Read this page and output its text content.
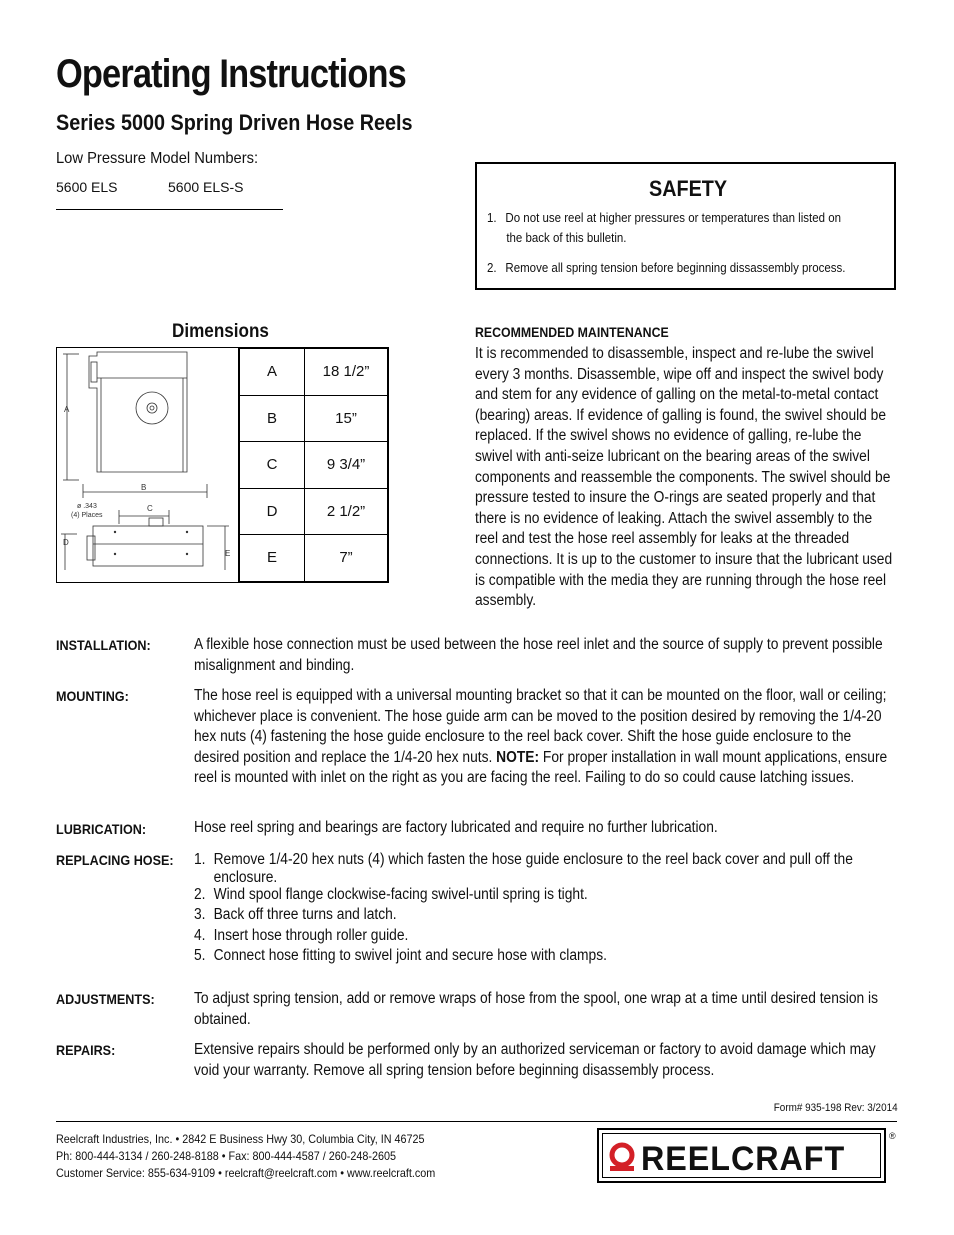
Operating Instructions
Series 5000 Spring Driven Hose Reels
Low Pressure Model Numbers:
5600 ELS	5600 ELS-S	SAFETY
1. Do not use reel at higher pressures or temperatures than listed on
the back of this bulletin.
2. Remove all spring tension before beginning dissassembly process.
Dimensions
A
B
C
D
E
ø .343
(4) Places
A	18 1/2”
B	15”
C	9 3/4”
D	2 1/2”
E	7”
RECOMMENDED MAINTENANCE
It is recommended to disassemble, inspect and re-lube the swivel every 3 months. Disassemble, wipe off and inspect the swivel body and stem for any evidence of galling on the metal-to-metal contact (bearing) areas. If evidence of galling is found, the swivel should be replaced. If the swivel shows no evidence of galling, re-lube the swivel with anti-seize lubricant on the bearing areas of the swivel components and reassemble the components. The swivel should be pressure tested to insure the O-rings are seated properly and that there is no evidence of leaking. Attach the swivel assembly to the reel and test the hose reel assembly for leaks at the threaded connections. It is up to the customer to insure that the lubricant used is compatible with the media they are running through the hose reel assembly.
INSTALLATION:	A flexible hose connection must be used between the hose reel inlet and the source of supply to prevent possible misalignment and binding.
MOUNTING:	The hose reel is equipped with a universal mounting bracket so that it can be mounted on the floor, wall or ceiling; whichever place is convenient. The hose guide arm can be moved to the position desired by removing the 1/4-20 hex nuts (4) fastening the hose guide enclosure to the reel back cover. Shift the hose guide enclosure to the desired position and replace the 1/4-20 hex nuts. NOTE: For proper installation in wall mount applications, ensure reel is mounted with inlet on the right as you are facing the reel. Failing to do so could cause latching issues.
LUBRICATION:	Hose reel spring and bearings are factory lubricated and require no further lubrication.
REPLACING HOSE: 1. Remove 1/4-20 hex nuts (4) which fasten the hose guide enclosure to the reel back cover and pull off the
enclosure.
2. Wind spool flange clockwise-facing swivel-until spring is tight.
3. Back off three turns and latch.
4. Insert hose through roller guide.
5. Connect hose fitting to swivel joint and secure hose with clamps.
ADJUSTMENTS:	To adjust spring tension, add or remove wraps of hose from the spool, one wrap at a time until desired tension is obtained.
REPAIRS:	Extensive repairs should be performed only by an authorized serviceman or factory to avoid damage which may void your warranty. Remove all spring tension before beginning disassembly process.
Form# 935-198 Rev: 3/2014
Reelcraft Industries, Inc. • 2842 E Business Hwy 30, Columbia City, IN 46725
Ph: 800-444-3134 / 260-248-8188 • Fax: 800-444-4587 / 260-248-2605
Customer Service: 855-634-9109 • reelcraft@reelcraft.com • www.reelcraft.com	REELCRAFT
®
